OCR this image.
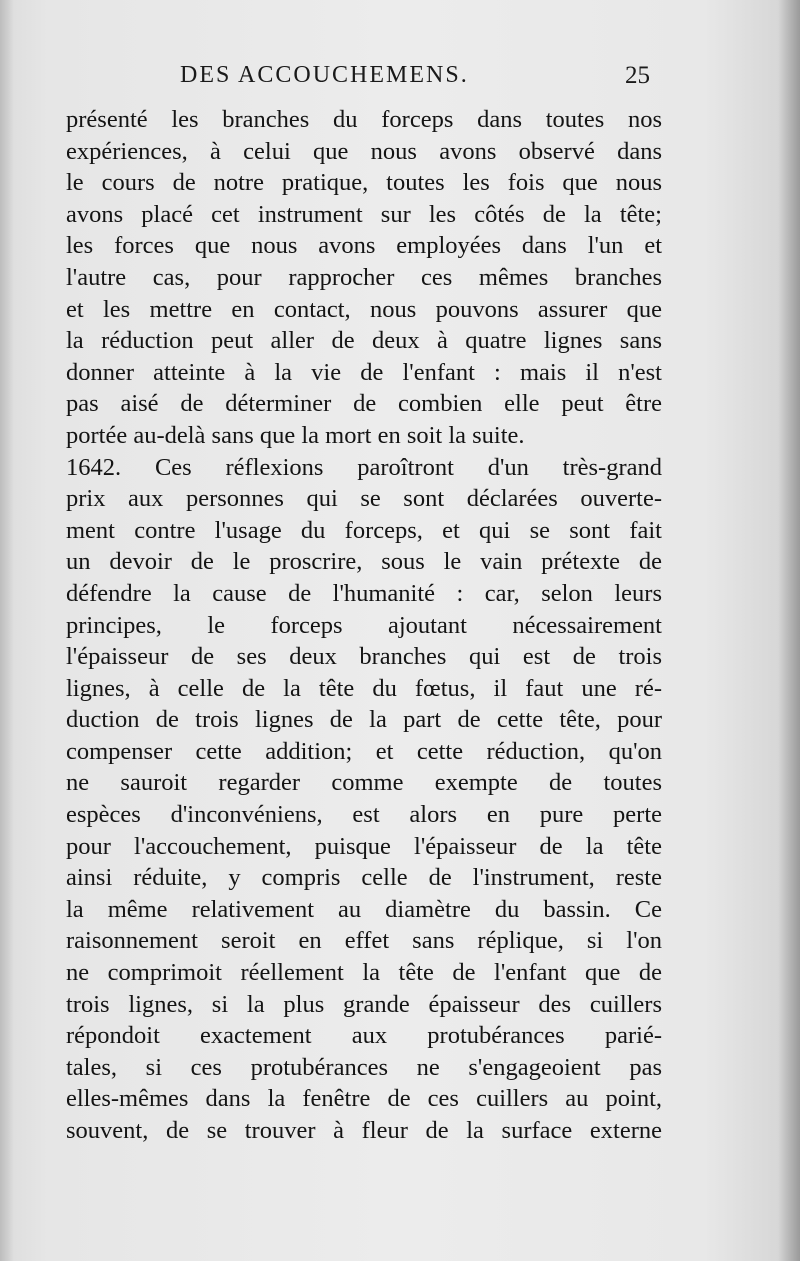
DES ACCOUCHEMENS.	25
présenté les branches du forceps dans toutes nos
expériences, à celui que nous avons observé dans
le cours de notre pratique, toutes les fois que nous
avons placé cet instrument sur les côtés de la tête;
les forces que nous avons employées dans l'un et
l'autre cas, pour rapprocher ces mêmes branches
et les mettre en contact, nous pouvons assurer que
la réduction peut aller de deux à quatre lignes sans
donner atteinte à la vie de l'enfant : mais il n'est
pas aisé de déterminer de combien elle peut être
portée au-delà sans que la mort en soit la suite.
1642. Ces réflexions paroîtront d'un très-grand
prix aux personnes qui se sont déclarées ouverte-
ment contre l'usage du forceps, et qui se sont fait
un devoir de le proscrire, sous le vain prétexte de
défendre la cause de l'humanité : car, selon leurs
principes, le forceps ajoutant nécessairement
l'épaisseur de ses deux branches qui est de trois
lignes, à celle de la tête du fœtus, il faut une ré-
duction de trois lignes de la part de cette tête, pour
compenser cette addition; et cette réduction, qu'on
ne sauroit regarder comme exempte de toutes
espèces d'inconvéniens, est alors en pure perte
pour l'accouchement, puisque l'épaisseur de la tête
ainsi réduite, y compris celle de l'instrument, reste
la même relativement au diamètre du bassin. Ce
raisonnement seroit en effet sans réplique, si l'on
ne comprimoit réellement la tête de l'enfant que de
trois lignes, si la plus grande épaisseur des cuillers
répondoit exactement aux protubérances parié-
tales, si ces protubérances ne s'engageoient pas
elles-mêmes dans la fenêtre de ces cuillers au point,
souvent, de se trouver à fleur de la surface externe
